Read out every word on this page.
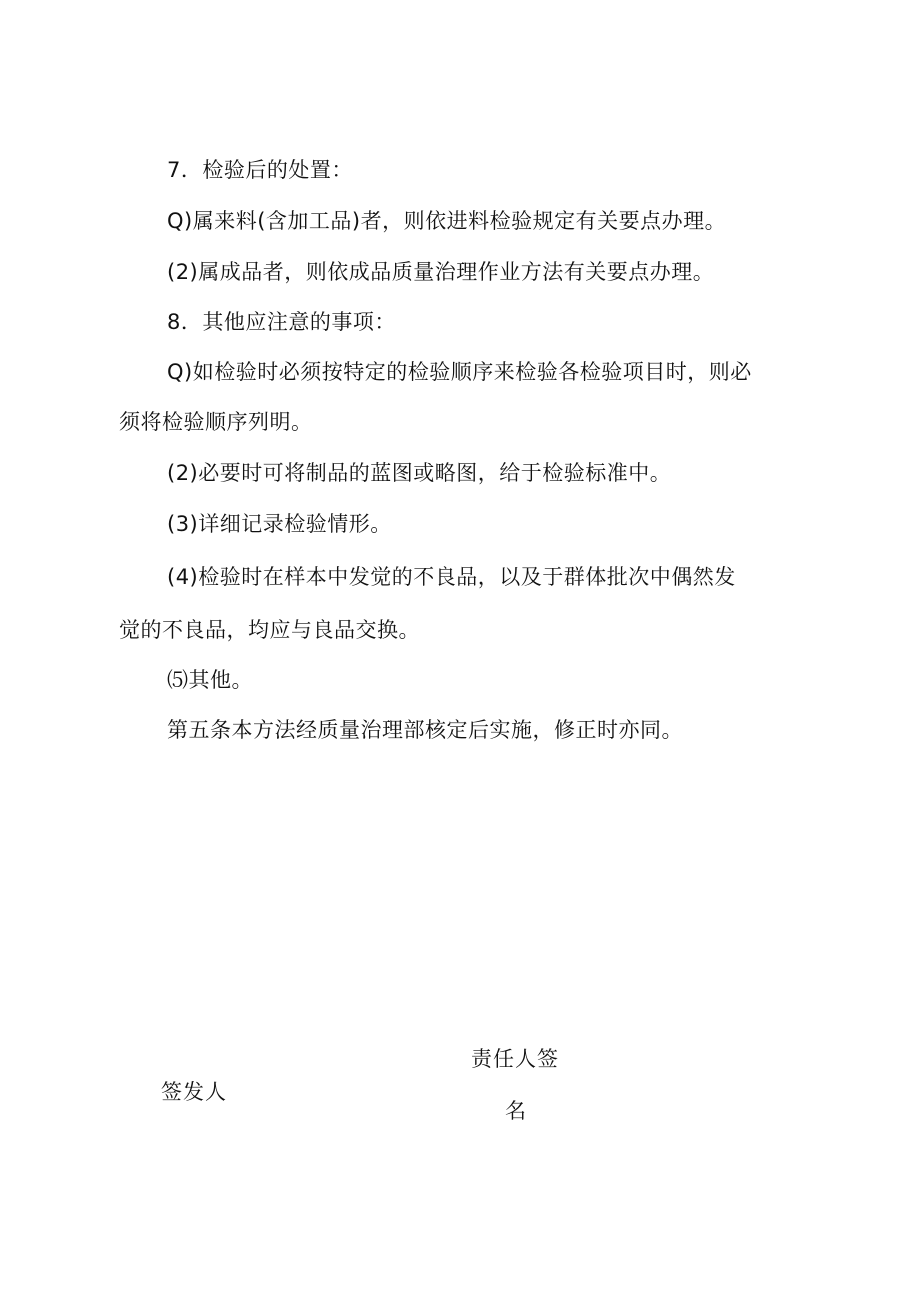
7．检验后的处置：
Q)属来料(含加工品)者，则依进料检验规定有关要点办理。
(2)属成品者，则依成品质量治理作业方法有关要点办理。
8．其他应注意的事项：
Q)如检验时必须按特定的检验顺序来检验各检验项目时，则必
须将检验顺序列明。
(2)必要时可将制品的蓝图或略图，给于检验标准中。
(3)详细记录检验情形。
(4)检验时在样本中发觉的不良品，以及于群体批次中偶然发
觉的不良品，均应与良品交换。
⑸其他。
第五条本方法经质量治理部核定后实施，修正时亦同。
签发人
责任人签
名
